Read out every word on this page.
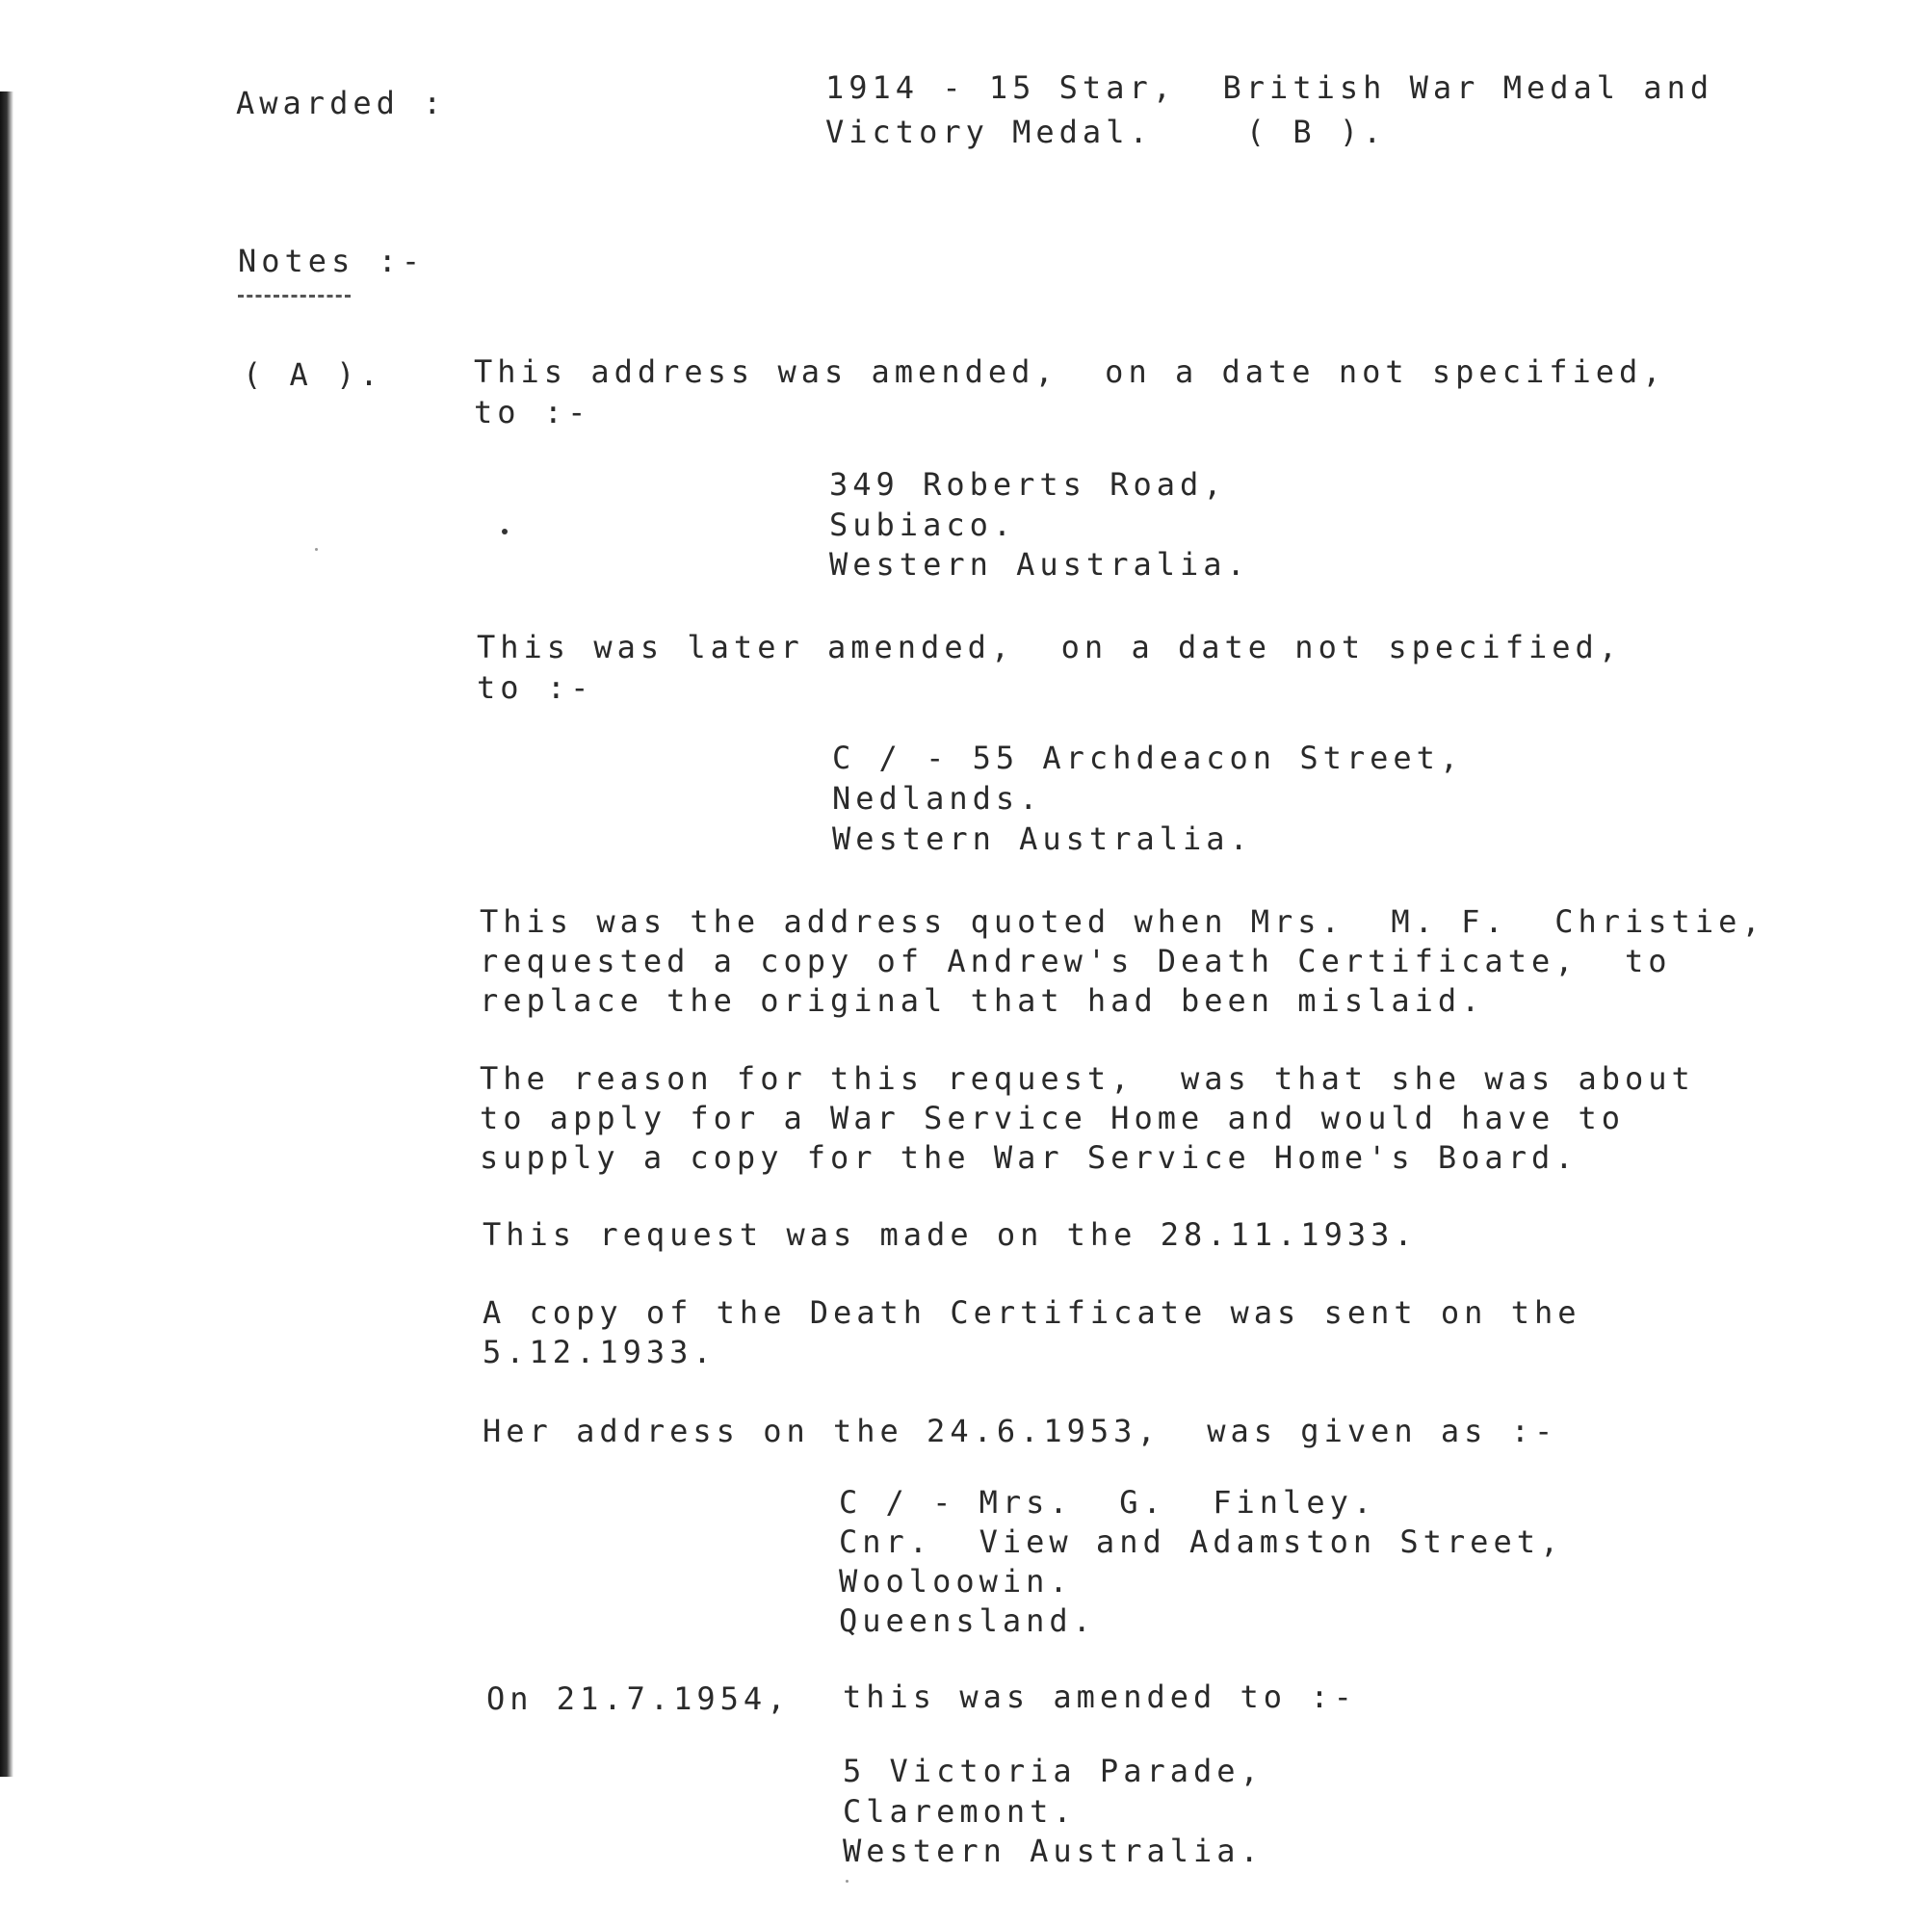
Awarded :	1914 - 15 Star,  British War Medal and

Victory Medal.    ( B ).

Notes :-

( A ).	This address was amended,  on a date not specified,

to :-

349 Roberts Road,

Subiaco.

Western Australia.

This was later amended,  on a date not specified,

to :-

C / - 55 Archdeacon Street,

Nedlands.

Western Australia.

This was the address quoted when Mrs.  M. F.  Christie,

requested a copy of Andrew's Death Certificate,  to

replace the original that had been mislaid.

The reason for this request,  was that she was about

to apply for a War Service Home and would have to

supply a copy for the War Service Home's Board.

This request was made on the 28.11.1933.

A copy of the Death Certificate was sent on the

5.12.1933.

Her address on the 24.6.1953,  was given as :-

C / - Mrs.  G.  Finley.

Cnr.  View and Adamston Street,

Wooloowin.

Queensland.

On 21.7.1954, this was amended to :-

5 Victoria Parade,

Claremont.

Western Australia.
